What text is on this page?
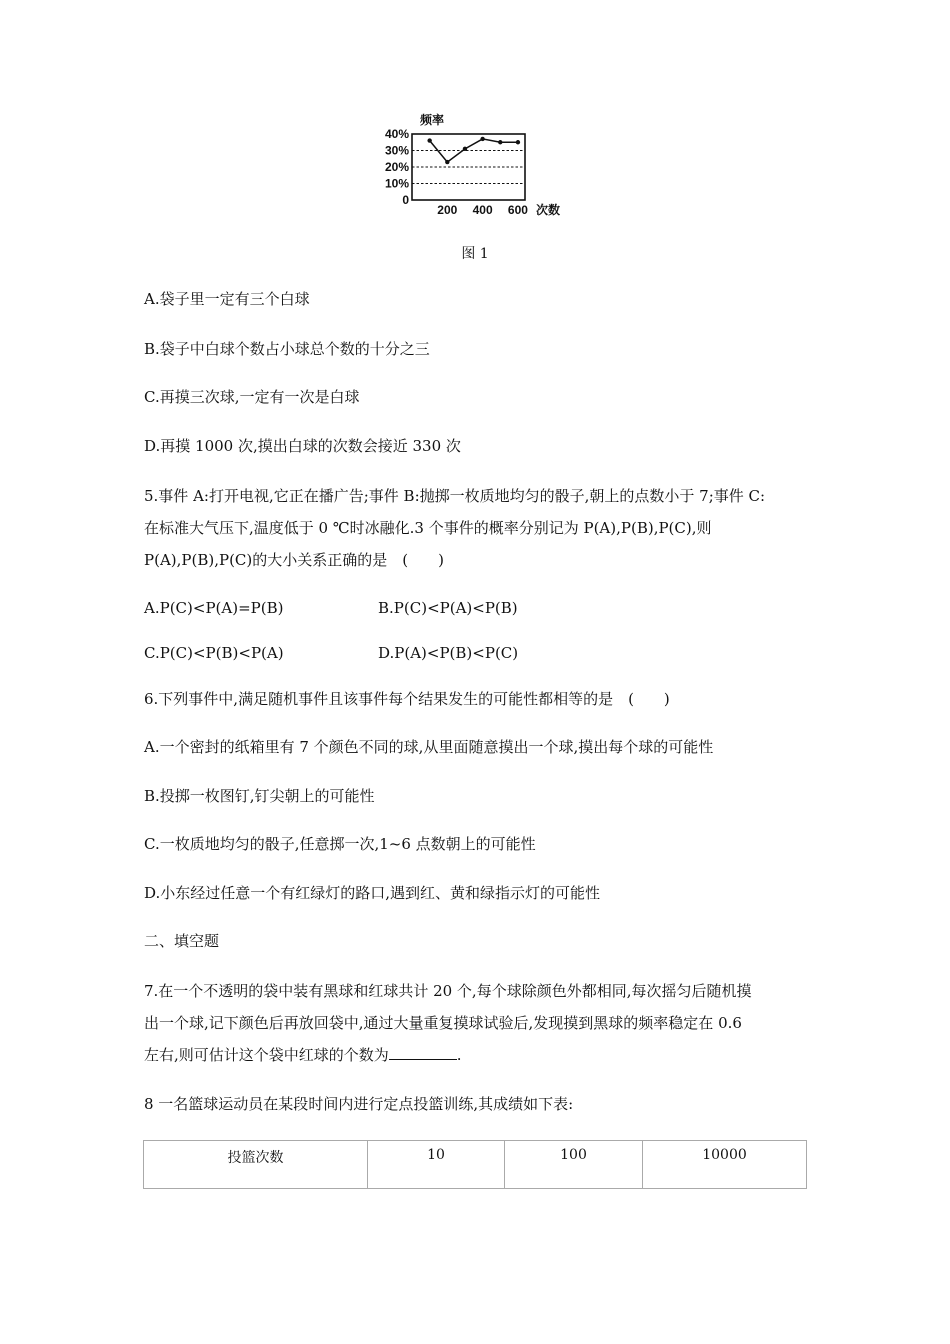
频率
0
10%
20%
30%
40%
200 400 600 次数
图 1
A.袋子里一定有三个白球
B.袋子中白球个数占小球总个数的十分之三
C.再摸三次球,一定有一次是白球
D.再摸 1000 次,摸出白球的次数会接近 330 次
5.事件 A:打开电视,它正在播广告;事件 B:抛掷一枚质地均匀的骰子,朝上的点数小于 7;事件 C:
在标准大气压下,温度低于 0 ℃时冰融化.3 个事件的概率分别记为 P(A),P(B),P(C),则
P(A),P(B),P(C)的大小关系正确的是　(　　)
A.P(C)<P(A)=P(B)	B.P(C)<P(A)<P(B)
C.P(C)<P(B)<P(A)	D.P(A)<P(B)<P(C)
6.下列事件中,满足随机事件且该事件每个结果发生的可能性都相等的是　(　　)
A.一个密封的纸箱里有 7 个颜色不同的球,从里面随意摸出一个球,摸出每个球的可能性
B.投掷一枚图钉,钉尖朝上的可能性
C.一枚质地均匀的骰子,任意掷一次,1~6 点数朝上的可能性
D.小东经过任意一个有红绿灯的路口,遇到红、黄和绿指示灯的可能性
二、填空题
7.在一个不透明的袋中装有黑球和红球共计 20 个,每个球除颜色外都相同,每次摇匀后随机摸
出一个球,记下颜色后再放回袋中,通过大量重复摸球试验后,发现摸到黑球的频率稳定在 0.6
左右,则可估计这个袋中红球的个数为	.
8 一名篮球运动员在某段时间内进行定点投篮训练,其成绩如下表:
投篮次数	10	100	10000
